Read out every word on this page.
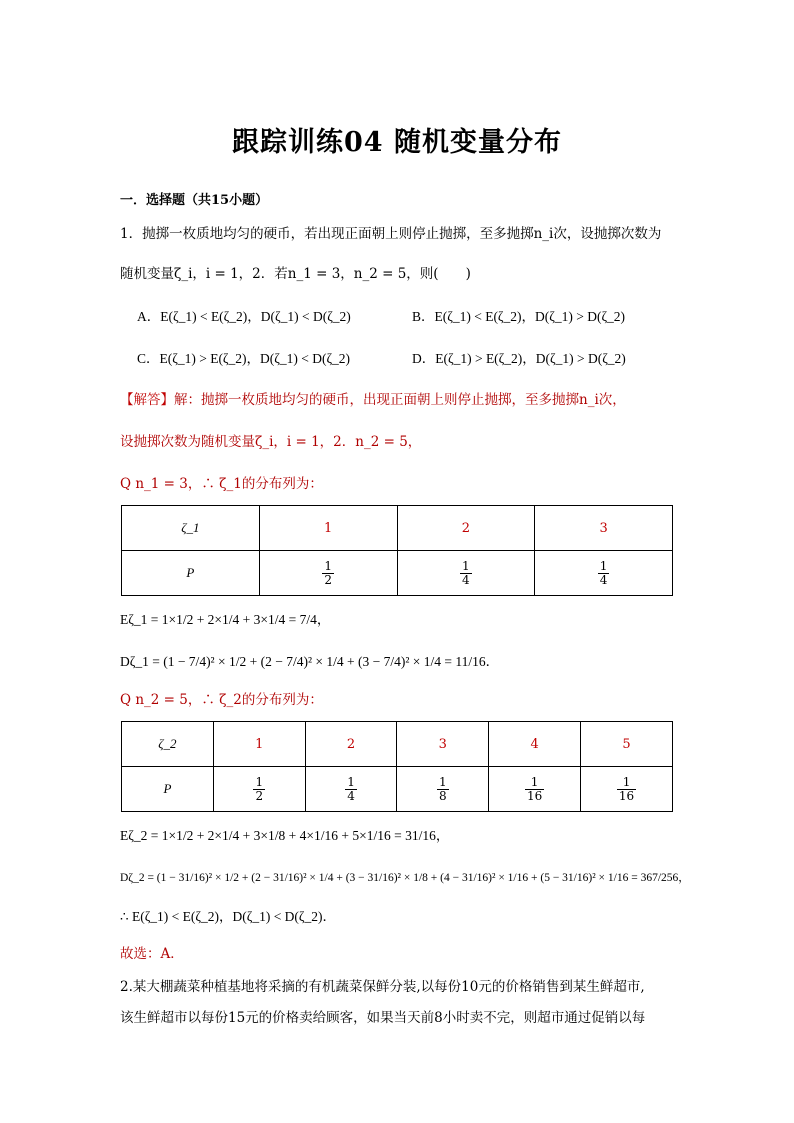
跟踪训练04 随机变量分布
一．选择题（共15小题）
1．抛掷一枚质地均匀的硬币，若出现正面朝上则停止抛掷，至多抛掷n_i次，设抛掷次数为
随机变量ζ_i，i = 1，2．若n_1 = 3，n_2 = 5，则(　　)
A．E(ζ_1) < E(ζ_2)，D(ζ_1) < D(ζ_2)	B．E(ζ_1) < E(ζ_2)，D(ζ_1) > D(ζ_2)
C．E(ζ_1) > E(ζ_2)，D(ζ_1) < D(ζ_2)	D．E(ζ_1) > E(ζ_2)，D(ζ_1) > D(ζ_2)
【解答】解：抛掷一枚质地均匀的硬币，出现正面朝上则停止抛掷，至多抛掷n_i次，
设抛掷次数为随机变量ζ_i，i = 1，2．n_2 = 5，
Q n_1 = 3，∴ ζ_1的分布列为：
ζ_1	1	2	3
P	$\frac{1}{2}$	$\frac{1}{4}$	$\frac{1}{4}$
Eζ_1 = 1×1/2 + 2×1/4 + 3×1/4 = 7/4，
Dζ_1 = (1 − 7/4)² × 1/2 + (2 − 7/4)² × 1/4 + (3 − 7/4)² × 1/4 = 11/16．
Q n_2 = 5，∴ ζ_2的分布列为：
ζ_2	1	2	3	4	5
P	$\frac{1}{2}$	$\frac{1}{4}$	$\frac{1}{8}$	$\frac{1}{16}$	$\frac{1}{16}$
Eζ_2 = 1×1/2 + 2×1/4 + 3×1/8 + 4×1/16 + 5×1/16 = 31/16，
Dζ_2 = (1 − 31/16)² × 1/2 + (2 − 31/16)² × 1/4 + (3 − 31/16)² × 1/8 + (4 − 31/16)² × 1/16 + (5 − 31/16)² × 1/16 = 367/256，
∴ E(ζ_1) < E(ζ_2)，D(ζ_1) < D(ζ_2)．
故选：A．
2.某大棚蔬菜种植基地将采摘的有机蔬菜保鲜分装,以每份10元的价格销售到某生鲜超市,
该生鲜超市以每份15元的价格卖给顾客，如果当天前8小时卖不完，则超市通过促销以每
